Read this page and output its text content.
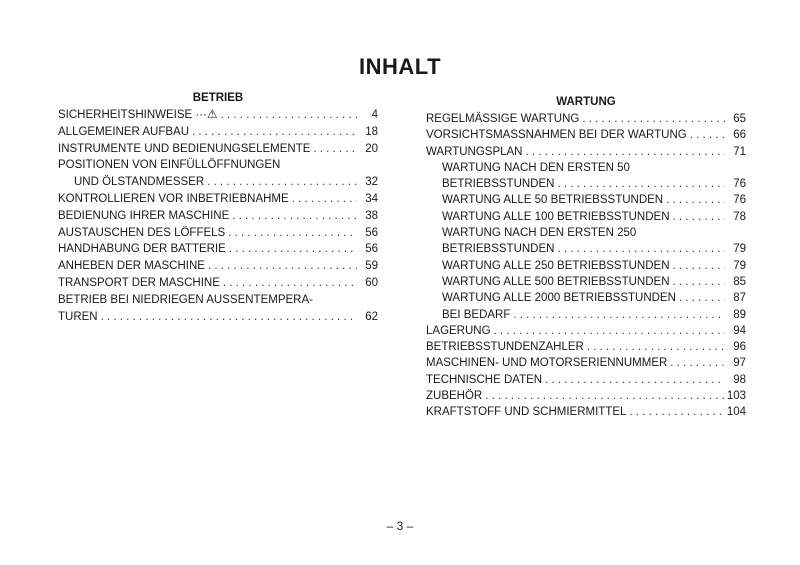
INHALT
BETRIEB
SICHERHEITSHINWEISE ··· ⚠ . . .	4
ALLGEMEINER AUFBAU . . .	18
INSTRUMENTE UND BEDIENUNGSELEMENTE . . .	20
POSITIONEN VON EINFÜLLÖFFNUNGEN
UND ÖLSTANDMESSER . . .	32
KONTROLLIEREN VOR INBETRIEBNAHME . . .	34
BEDIENUNG IHRER MASCHINE . . .	38
AUSTAUSCHEN DES LÖFFELS . . .	56
HANDHABUNG DER BATTERIE . . .	56
ANHEBEN DER MASCHINE . . .	59
TRANSPORT DER MASCHINE . . .	60
BETRIEB BEI NIEDRIEGEN AUSSENTEMPERA-
TUREN . . .	62
WARTUNG
REGELMÄSSIGE WARTUNG . . .	65
VORSICHTSMASSNAHMEN BEI DER WARTUNG . . .	66
WARTUNGSPLAN . . .	71
WARTUNG NACH DEN ERSTEN 50
BETRIEBSSTUNDEN . . .	76
WARTUNG ALLE 50 BETRIEBSSTUNDEN . . .	76
WARTUNG ALLE 100 BETRIEBSSTUNDEN . . .	78
WARTUNG NACH DEN ERSTEN 250
BETRIEBSSTUNDEN . . .	79
WARTUNG ALLE 250 BETRIEBSSTUNDEN . . .	79
WARTUNG ALLE 500 BETRIEBSSTUNDEN . . .	85
WARTUNG ALLE 2000 BETRIEBSSTUNDEN . . .	87
BEI BEDARF . . .	89
LAGERUNG . . .	94
BETRIEBSSTUNDENZAHLER . . .	96
MASCHINEN- UND MOTORSERIENNUMMER . . .	97
TECHNISCHE DATEN . . .	98
ZUBEHÖR . . .	103
KRAFTSTOFF UND SCHMIERMITTEL . . .	104
– 3 –
